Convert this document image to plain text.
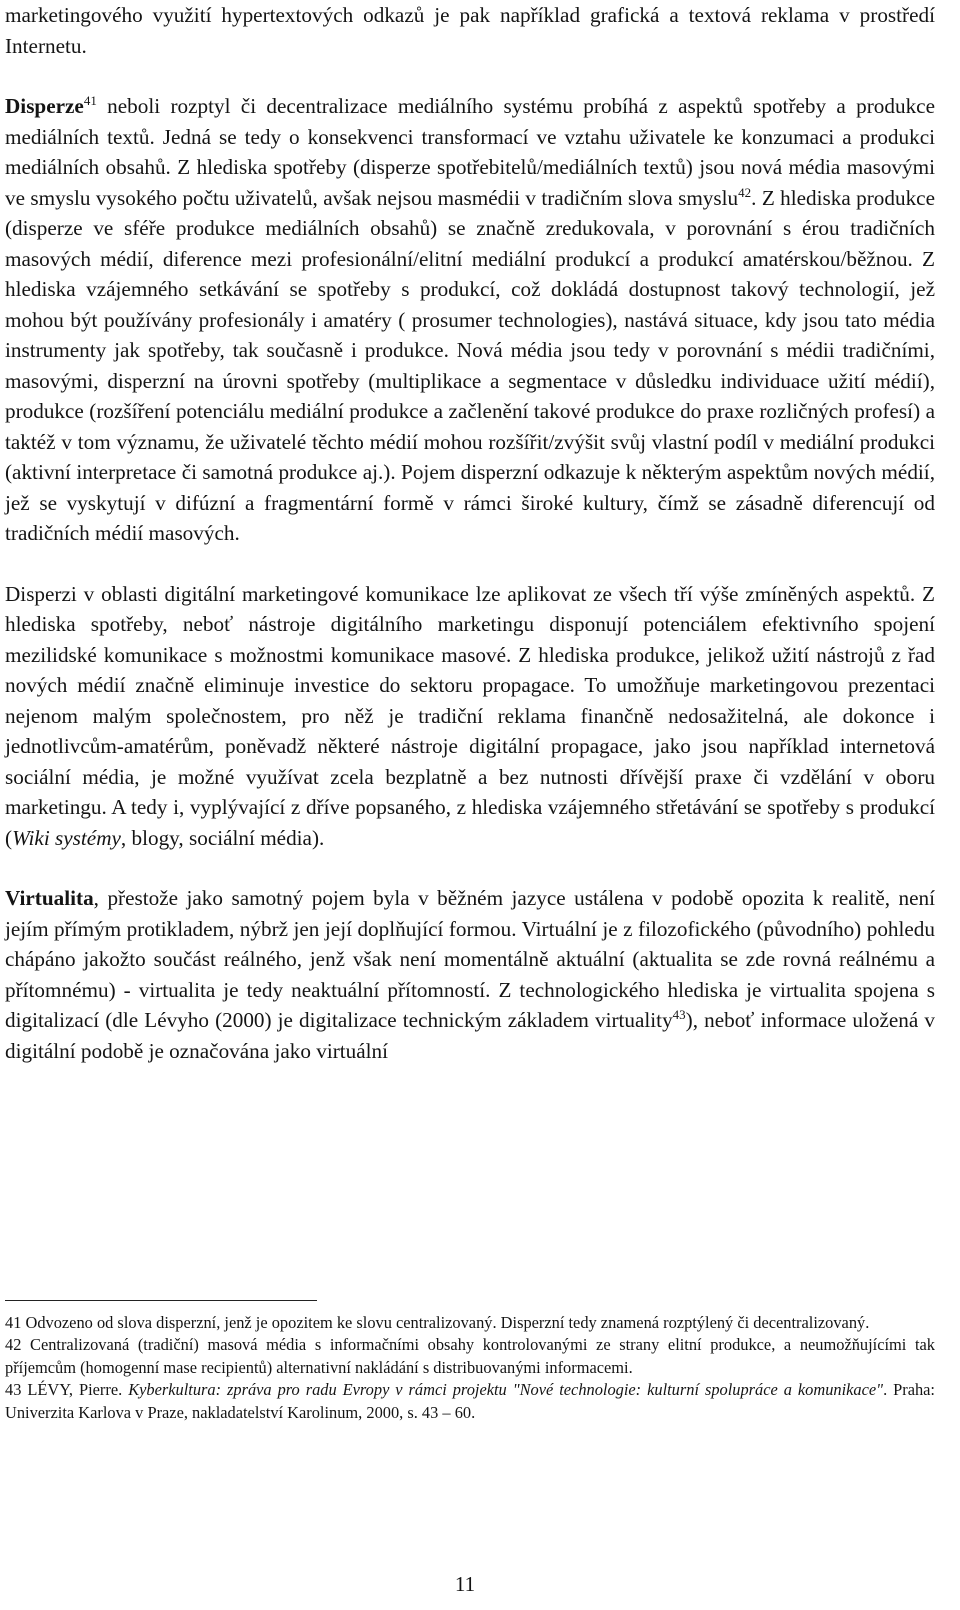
marketingového využití hypertextových odkazů je pak například grafická a textová reklama v prostředí Internetu.

Disperze$^{41}$ neboli rozptyl či decentralizace mediálního systému probíhá z aspektů spotřeby a produkce mediálních textů. Jedná se tedy o konsekvenci transformací ve vztahu uživatele ke konzumaci a produkci mediálních obsahů. Z hlediska spotřeby (disperze spotřebitelů/mediálních textů) jsou nová média masovými ve smyslu vysokého počtu uživatelů, avšak nejsou masmédii v tradičním slova smyslu$^{42}$. Z hlediska produkce (disperze ve sféře produkce mediálních obsahů) se značně zredukovala, v porovnání s érou tradičních masových médií, diference mezi profesionální/elitní mediální produkcí a produkcí amatérskou/běžnou. Z hlediska vzájemného setkávání se spotřeby s produkcí, což dokládá dostupnost takový technologií, jež mohou být používány profesionály i amatéry ( prosumer technologies), nastává situace, kdy jsou tato média instrumenty jak spotřeby, tak současně i produkce. Nová média jsou tedy v porovnání s médii tradičními, masovými, disperzní na úrovni spotřeby (multiplikace a segmentace v důsledku individuace užití médií), produkce (rozšíření potenciálu mediální produkce a začlenění takové produkce do praxe rozličných profesí) a taktéž v tom významu, že uživatelé těchto médií mohou rozšířit/zvýšit svůj vlastní podíl v mediální produkci (aktivní interpretace či samotná produkce aj.). Pojem disperzní odkazuje k některým aspektům nových médií, jež se vyskytují v difúzní a fragmentární formě v rámci široké kultury, čímž se zásadně diferencují od tradičních médií masových.

Disperzi v oblasti digitální marketingové komunikace lze aplikovat ze všech tří výše zmíněných aspektů. Z hlediska spotřeby, neboť nástroje digitálního marketingu disponují potenciálem efektivního spojení mezilidské komunikace s možnostmi komunikace masové. Z hlediska produkce, jelikož užití nástrojů z řad nových médií značně eliminuje investice do sektoru propagace. To umožňuje marketingovou prezentaci nejenom malým společnostem, pro něž je tradiční reklama finančně nedosažitelná, ale dokonce i jednotlivcům-amatérům, poněvadž některé nástroje digitální propagace, jako jsou například internetová sociální média, je možné využívat zcela bezplatně a bez nutnosti dřívější praxe či vzdělání v oboru marketingu. A tedy i, vyplývající z dříve popsaného, z hlediska vzájemného střetávání se spotřeby s produkcí (Wiki systémy, blogy, sociální média).

Virtualita, přestože jako samotný pojem byla v běžném jazyce ustálena v podobě opozita k realitě, není jejím přímým protikladem, nýbrž jen její doplňující formou. Virtuální je z filozofického (původního) pohledu chápáno jakožto součást reálného, jenž však není momentálně aktuální (aktualita se zde rovná reálnému a přítomnému) - virtualita je tedy neaktuální přítomností. Z technologického hlediska je virtualita spojena s digitalizací (dle Lévyho (2000) je digitalizace technickým základem virtuality$^{43}$), neboť informace uložená v digitální podobě je označována jako virtuální

41 Odvozeno od slova disperzní, jenž je opozitem ke slovu centralizovaný. Disperzní tedy znamená rozptýlený či decentralizovaný.

42 Centralizovaná (tradiční) masová média s informačními obsahy kontrolovanými ze strany elitní produkce, a neumožňujícími tak příjemcům (homogenní mase recipientů) alternativní nakládání s distribuovanými informacemi.

43 LÉVY, Pierre. Kyberkultura: zpráva pro radu Evropy v rámci projektu "Nové technologie: kulturní spolupráce a komunikace". Praha: Univerzita Karlova v Praze, nakladatelství Karolinum, 2000, s. 43 – 60.

11
